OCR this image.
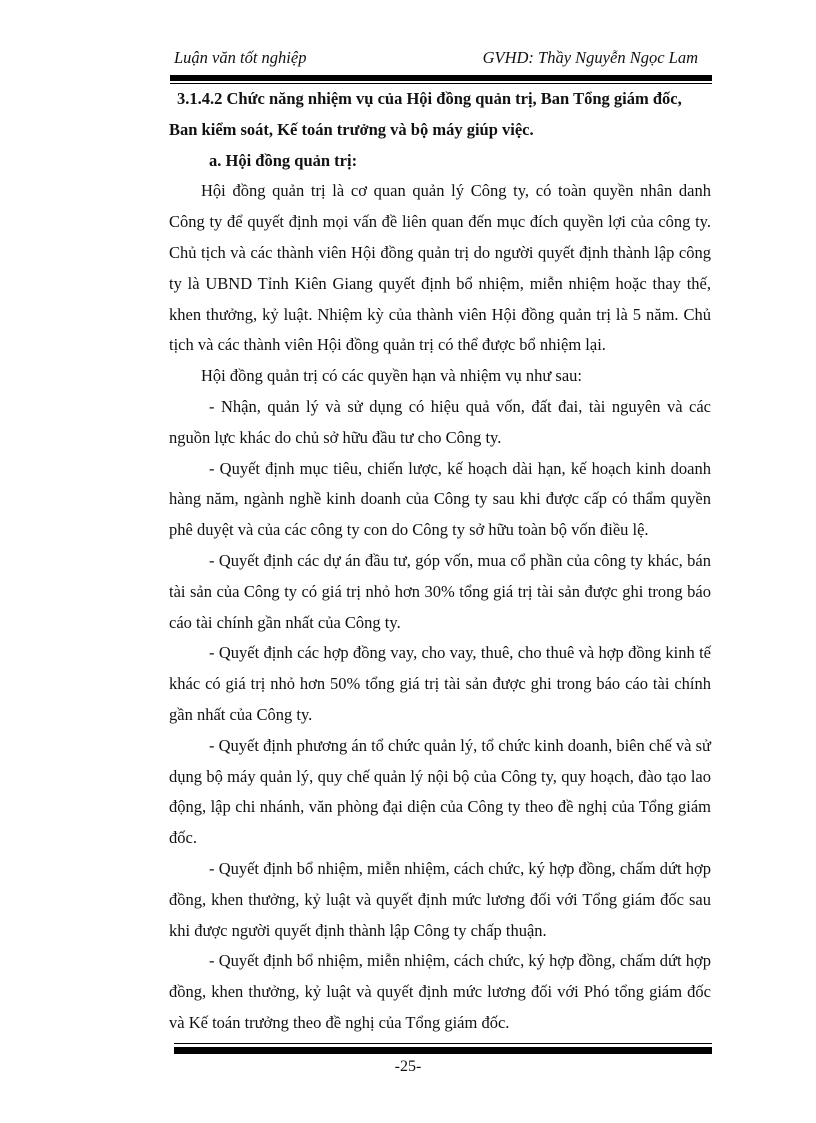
Luận văn tốt nghiệp	GVHD: Thầy Nguyễn Ngọc Lam

3.1.4.2 Chức năng nhiệm vụ của Hội đồng quản trị, Ban Tổng giám đốc,

Ban kiểm soát, Kế toán trưởng và bộ máy giúp việc.

a. Hội đồng quản trị:

Hội đồng quản trị là cơ quan quản lý Công ty, có toàn quyền nhân danh Công ty để quyết định mọi vấn đề liên quan đến mục đích quyền lợi của công ty. Chủ tịch và các thành viên Hội đồng quản trị do người quyết định thành lập công ty là UBND Tỉnh Kiên Giang quyết định bổ nhiệm, miễn nhiệm hoặc thay thế, khen thưởng, kỷ luật. Nhiệm kỳ của thành viên Hội đồng quản trị là 5 năm. Chủ tịch và các thành viên Hội đồng quản trị có thể được bổ nhiệm lại.

Hội đồng quản trị có các quyền hạn và nhiệm vụ như sau:

- Nhận, quản lý và sử dụng có hiệu quả vốn, đất đai, tài nguyên và các nguồn lực khác do chủ sở hữu đầu tư cho Công ty.

- Quyết định mục tiêu, chiến lược, kế hoạch dài hạn, kế hoạch kinh doanh hàng năm, ngành nghề kinh doanh của Công ty sau khi được cấp có thẩm quyền phê duyệt và của các công ty con do Công ty sở hữu toàn bộ vốn điều lệ.

- Quyết định các dự án đầu tư, góp vốn, mua cổ phần của công ty khác, bán tài sản của Công ty có giá trị nhỏ hơn 30% tổng giá trị tài sản được ghi trong báo cáo tài chính gần nhất của Công ty.

- Quyết định các hợp đồng vay, cho vay, thuê, cho thuê và hợp đồng kinh tế khác có giá trị nhỏ hơn 50% tổng giá trị tài sản được ghi trong báo cáo tài chính gần nhất của Công ty.

- Quyết định phương án tổ chức quản lý, tổ chức kinh doanh, biên chế và sử dụng bộ máy quản lý, quy chế quản lý nội bộ của Công ty, quy hoạch, đào tạo lao động, lập chi nhánh, văn phòng đại diện của Công ty theo đề nghị của Tổng giám đốc.

- Quyết định bổ nhiệm, miễn nhiệm, cách chức, ký hợp đồng, chấm dứt hợp đồng, khen thưởng, kỷ luật và quyết định mức lương đối với Tổng giám đốc sau khi được người quyết định thành lập Công ty chấp thuận.

- Quyết định bổ nhiệm, miễn nhiệm, cách chức, ký hợp đồng, chấm dứt hợp đồng, khen thưởng, kỷ luật và quyết định mức lương đối với Phó tổng giám đốc và Kế toán trưởng theo đề nghị của Tổng giám đốc.

-25-
